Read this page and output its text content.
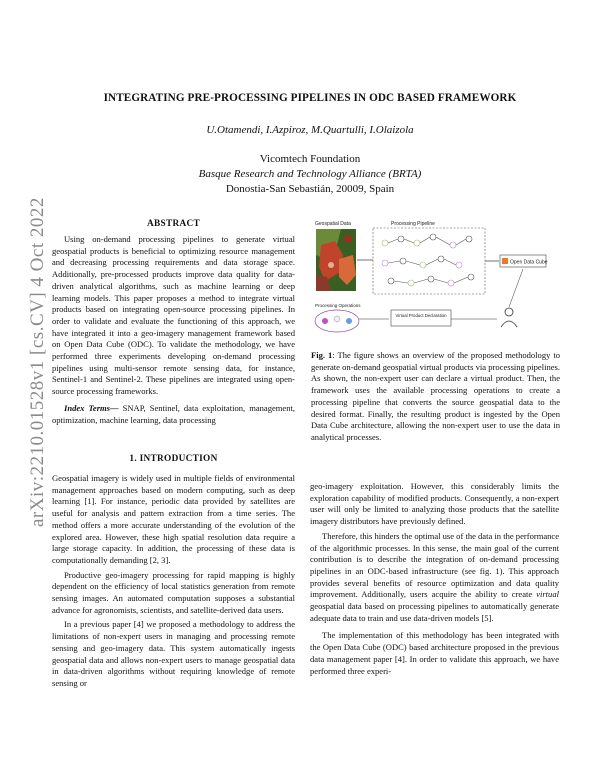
arXiv:2210.01528v1 [cs.CV] 4 Oct 2022
INTEGRATING PRE-PROCESSING PIPELINES IN ODC BASED FRAMEWORK
U.Otamendi, I.Azpiroz, M.Quartulli, I.Olaizola
Vicomtech Foundation
Basque Research and Technology Alliance (BRTA)
Donostia-San Sebastián, 20009, Spain
ABSTRACT

Using on-demand processing pipelines to generate virtual geospatial products is beneficial to optimizing resource management and decreasing processing requirements and data storage space. Additionally, pre-processed products improve data quality for data-driven analytical algorithms, such as machine learning or deep learning models. This paper proposes a method to integrate virtual products based on integrating open-source processing pipelines. In order to validate and evaluate the functioning of this approach, we have integrated it into a geo-imagery management framework based on Open Data Cube (ODC). To validate the methodology, we have performed three experiments developing on-demand processing pipelines using multi-sensor remote sensing data, for instance, Sentinel-1 and Sentinel-2. These pipelines are integrated using open-source processing frameworks.

Index Terms— SNAP, Sentinel, data exploitation, management, optimization, machine learning, data processing

1. INTRODUCTION

Geospatial imagery is widely used in multiple fields of environmental management approaches based on modern computing, such as deep learning [1]. For instance, periodic data provided by satellites are useful for analysis and pattern extraction from a time series. The method offers a more accurate understanding of the evolution of the explored area. However, these high spatial resolution data require a large storage capacity. In addition, the processing of these data is computationally demanding [2, 3].

Productive geo-imagery processing for rapid mapping is highly dependent on the efficiency of local statistics generation from remote sensing images. An automated computation supposes a substantial advance for agronomists, scientists, and satellite-derived data users.

In a previous paper [4] we proposed a methodology to address the limitations of non-expert users in managing and processing remote sensing and geo-imagery data. This system automatically ingests geospatial data and allows non-expert users to manage geospatial data in data-driven algorithms without requiring knowledge of remote sensing or

Geospatial Data	Processing Pipeline
Open Data Cube
Processing Operations
Virtual Product Declaration
Fig. 1: The figure shows an overview of the proposed methodology to generate on-demand geospatial virtual products via processing pipelines. As shown, the non-expert user can declare a virtual product. Then, the framework uses the available processing operations to create a processing pipeline that converts the source geospatial data to the desired format. Finally, the resulting product is ingested by the Open Data Cube architecture, allowing the non-expert user to use the data in analytical processes.

geo-imagery exploitation. However, this considerably limits the exploration capability of modified products. Consequently, a non-expert user will only be limited to analyzing those products that the satellite imagery distributors have previously defined.

Therefore, this hinders the optimal use of the data in the performance of the algorithmic processes. In this sense, the main goal of the current contribution is to describe the integration of on-demand processing pipelines in an ODC-based infrastructure (see fig. 1). This approach provides several benefits of resource optimization and data quality improvement. Additionally, users acquire the ability to create virtual geospatial data based on processing pipelines to automatically generate adequate data to train and use data-driven models [5].

The implementation of this methodology has been integrated with the Open Data Cube (ODC) based architecture proposed in the previous data management paper [4]. In order to validate this approach, we have performed three experi-
